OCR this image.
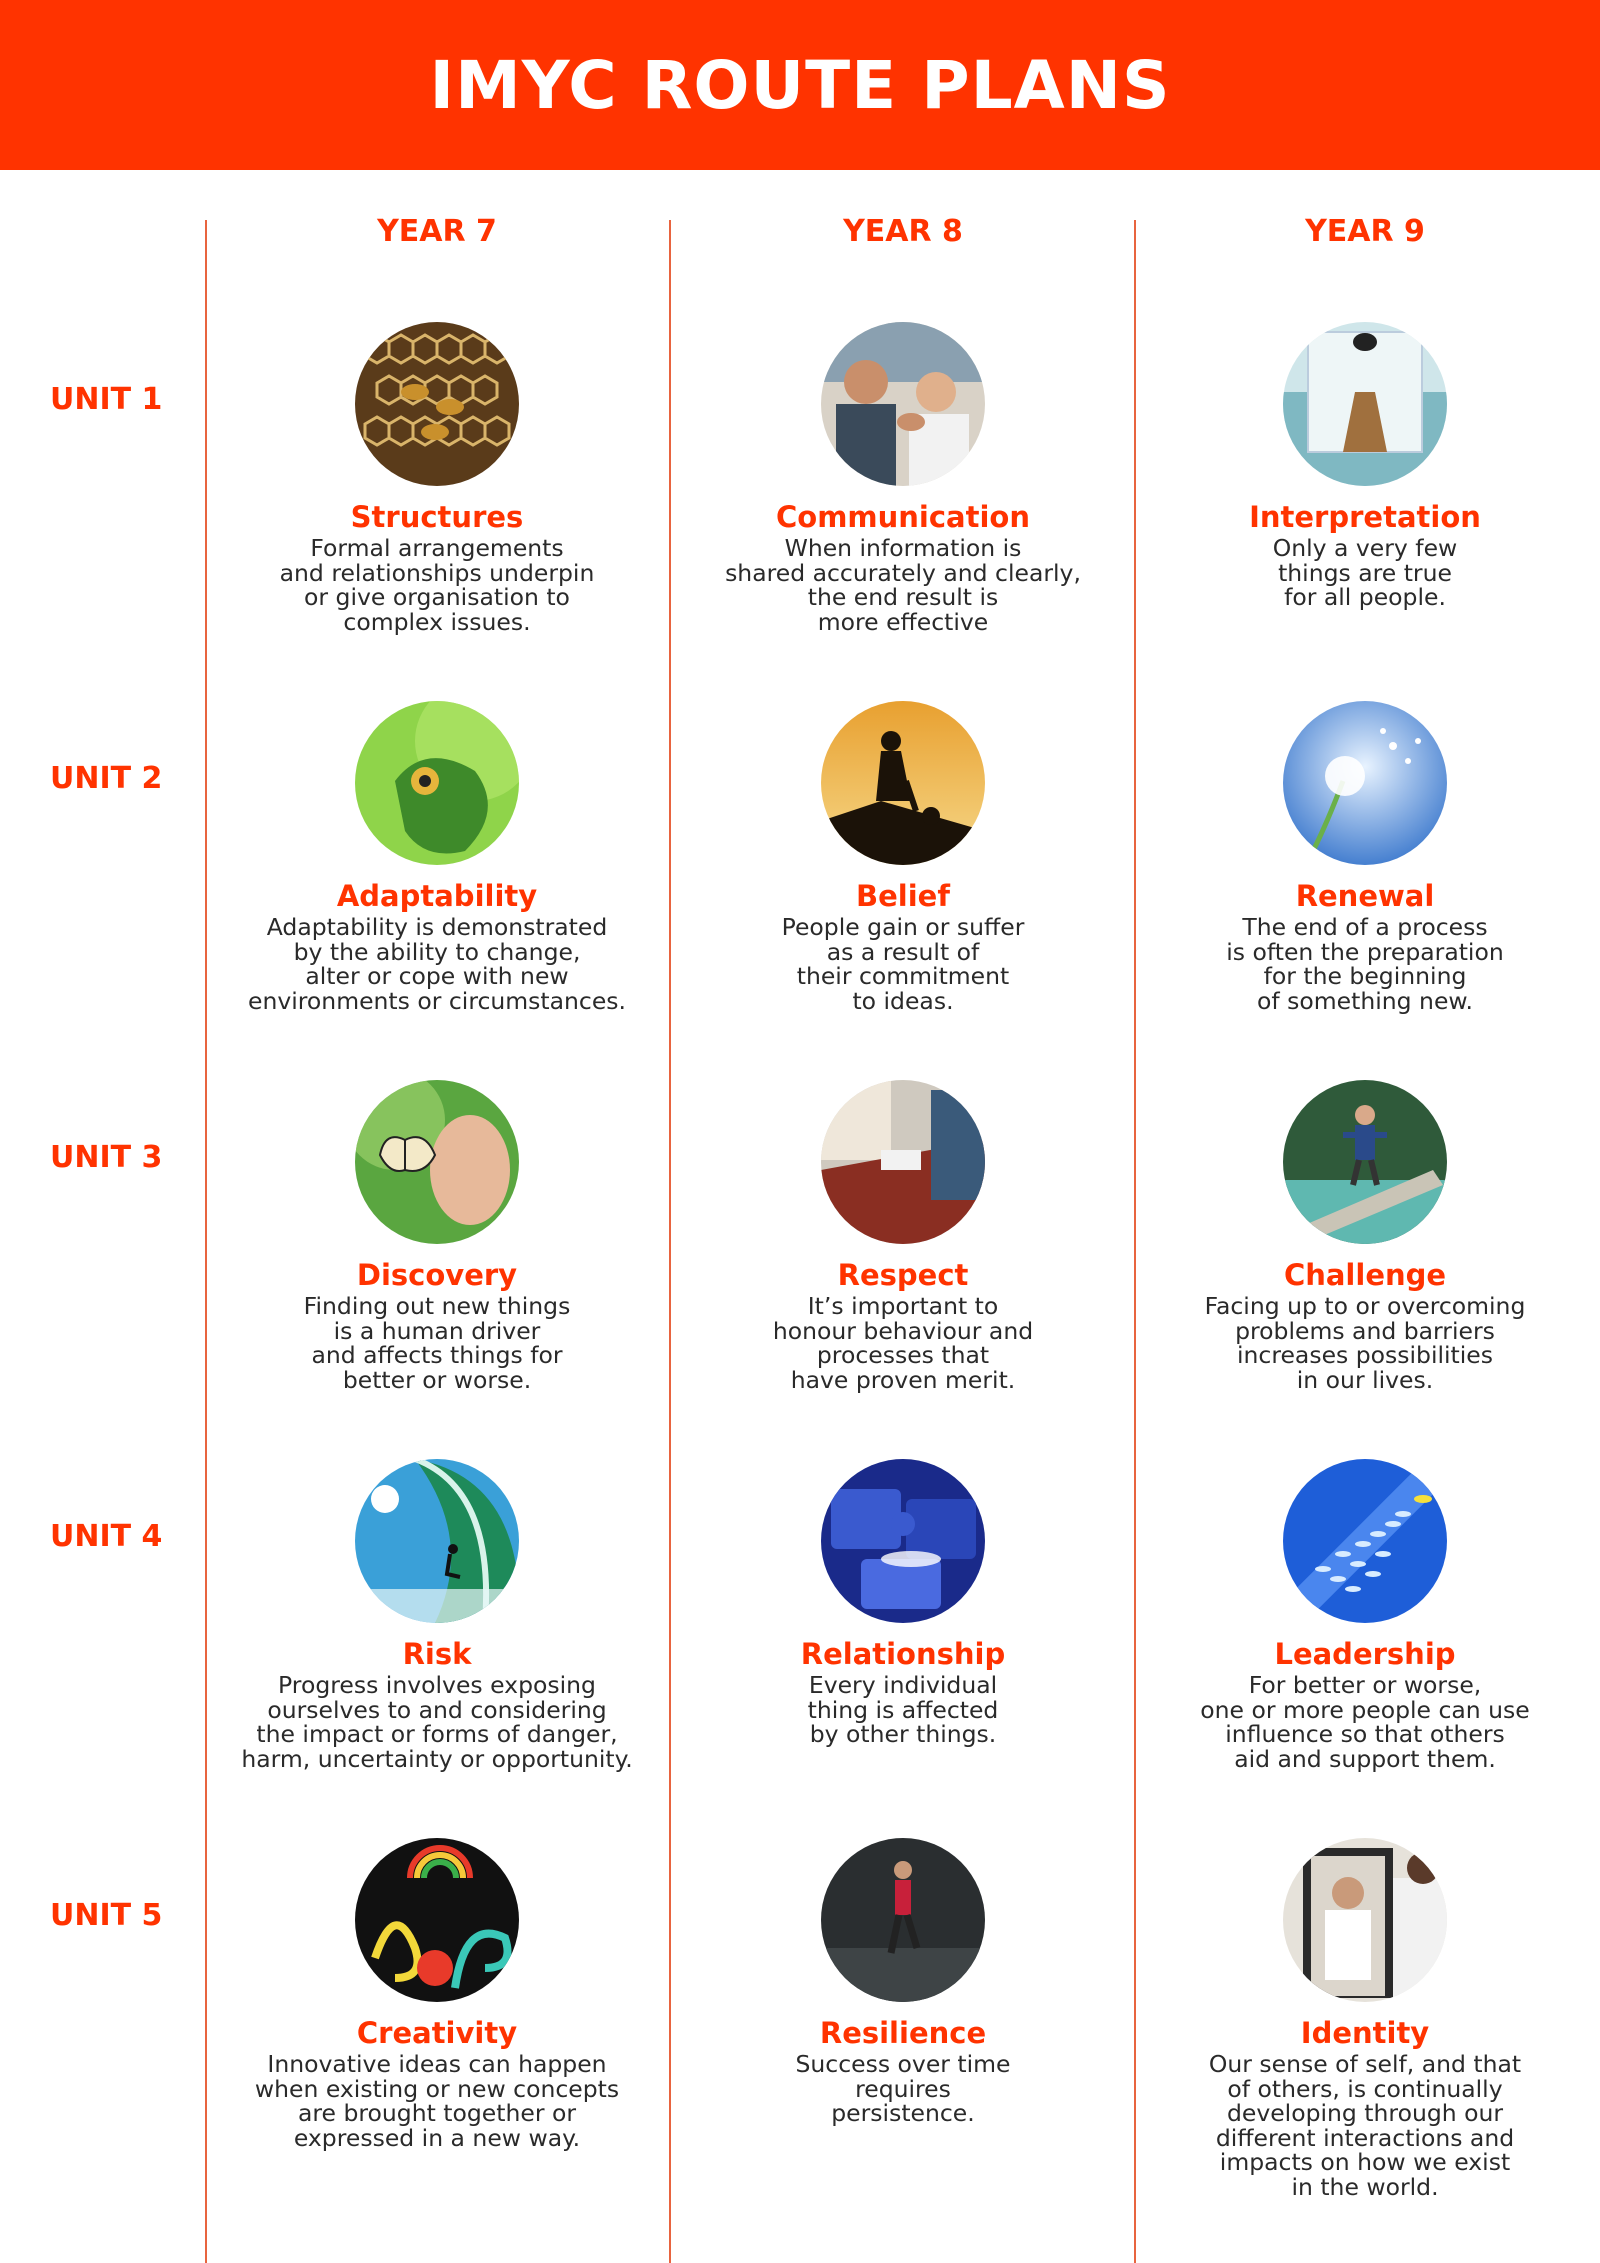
IMYC ROUTE PLANS
YEAR 7	YEAR 8	YEAR 9
UNIT 1
UNIT 2
UNIT 3
UNIT 4
UNIT 5
Structures
Formal arrangements
and relationships underpin
or give organisation to
complex issues.
Communication
When information is
shared accurately and clearly,
the end result is
more effective
Interpretation
Only a very few
things are true
for all people.
Adaptability
Adaptability is demonstrated
by the ability to change,
alter or cope with new
environments or circumstances.
Belief
People gain or suffer
as a result of
their commitment
to ideas.
Renewal
The end of a process
is often the preparation
for the beginning
of something new.
Discovery
Finding out new things
is a human driver
and affects things for
better or worse.
Respect
It’s important to
honour behaviour and
processes that
have proven merit.
Challenge
Facing up to or overcoming
problems and barriers
increases possibilities
in our lives.
Risk
Progress involves exposing
ourselves to and considering
the impact or forms of danger,
harm, uncertainty or opportunity.
Relationship
Every individual
thing is affected
by other things.
Leadership
For better or worse,
one or more people can use
influence so that others
aid and support them.
Creativity
Innovative ideas can happen
when existing or new concepts
are brought together or
expressed in a new way.
Resilience
Success over time
requires
persistence.
Identity
Our sense of self, and that
of others, is continually
developing through our
different interactions and
impacts on how we exist
in the world.
